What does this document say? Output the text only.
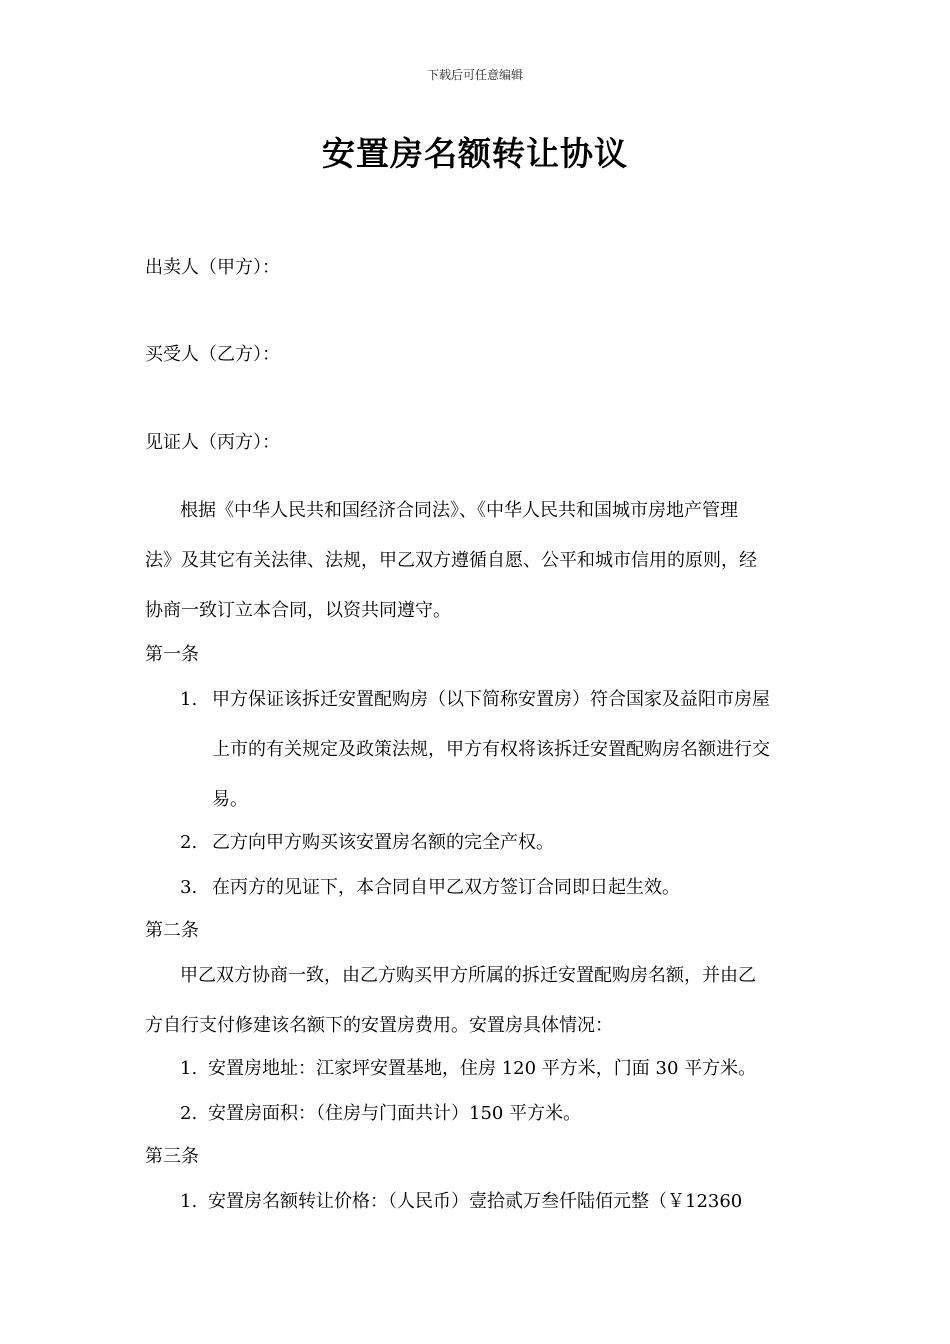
下载后可任意编辑
安置房名额转让协议
出卖人（甲方）：
买受人（乙方）：
见证人（丙方）：
根据《中华人民共和国经济合同法》、《中华人民共和国城市房地产管理
法》及其它有关法律、法规，甲乙双方遵循自愿、公平和城市信用的原则，经
协商一致订立本合同，以资共同遵守。
第一条
1. 甲方保证该拆迁安置配购房（以下简称安置房）符合国家及益阳市房屋
上市的有关规定及政策法规，甲方有权将该拆迁安置配购房名额进行交
易。
2. 乙方向甲方购买该安置房名额的完全产权。
3. 在丙方的见证下，本合同自甲乙双方签订合同即日起生效。
第二条
甲乙双方协商一致，由乙方购买甲方所属的拆迁安置配购房名额，并由乙
方自行支付修建该名额下的安置房费用。安置房具体情况：
1. 安置房地址：江家坪安置基地，住房 120 平方米，门面 30 平方米。
2. 安置房面积：（住房与门面共计）150 平方米。
第三条
1. 安置房名额转让价格：（人民币）壹拾贰万叁仟陆佰元整（￥12360
